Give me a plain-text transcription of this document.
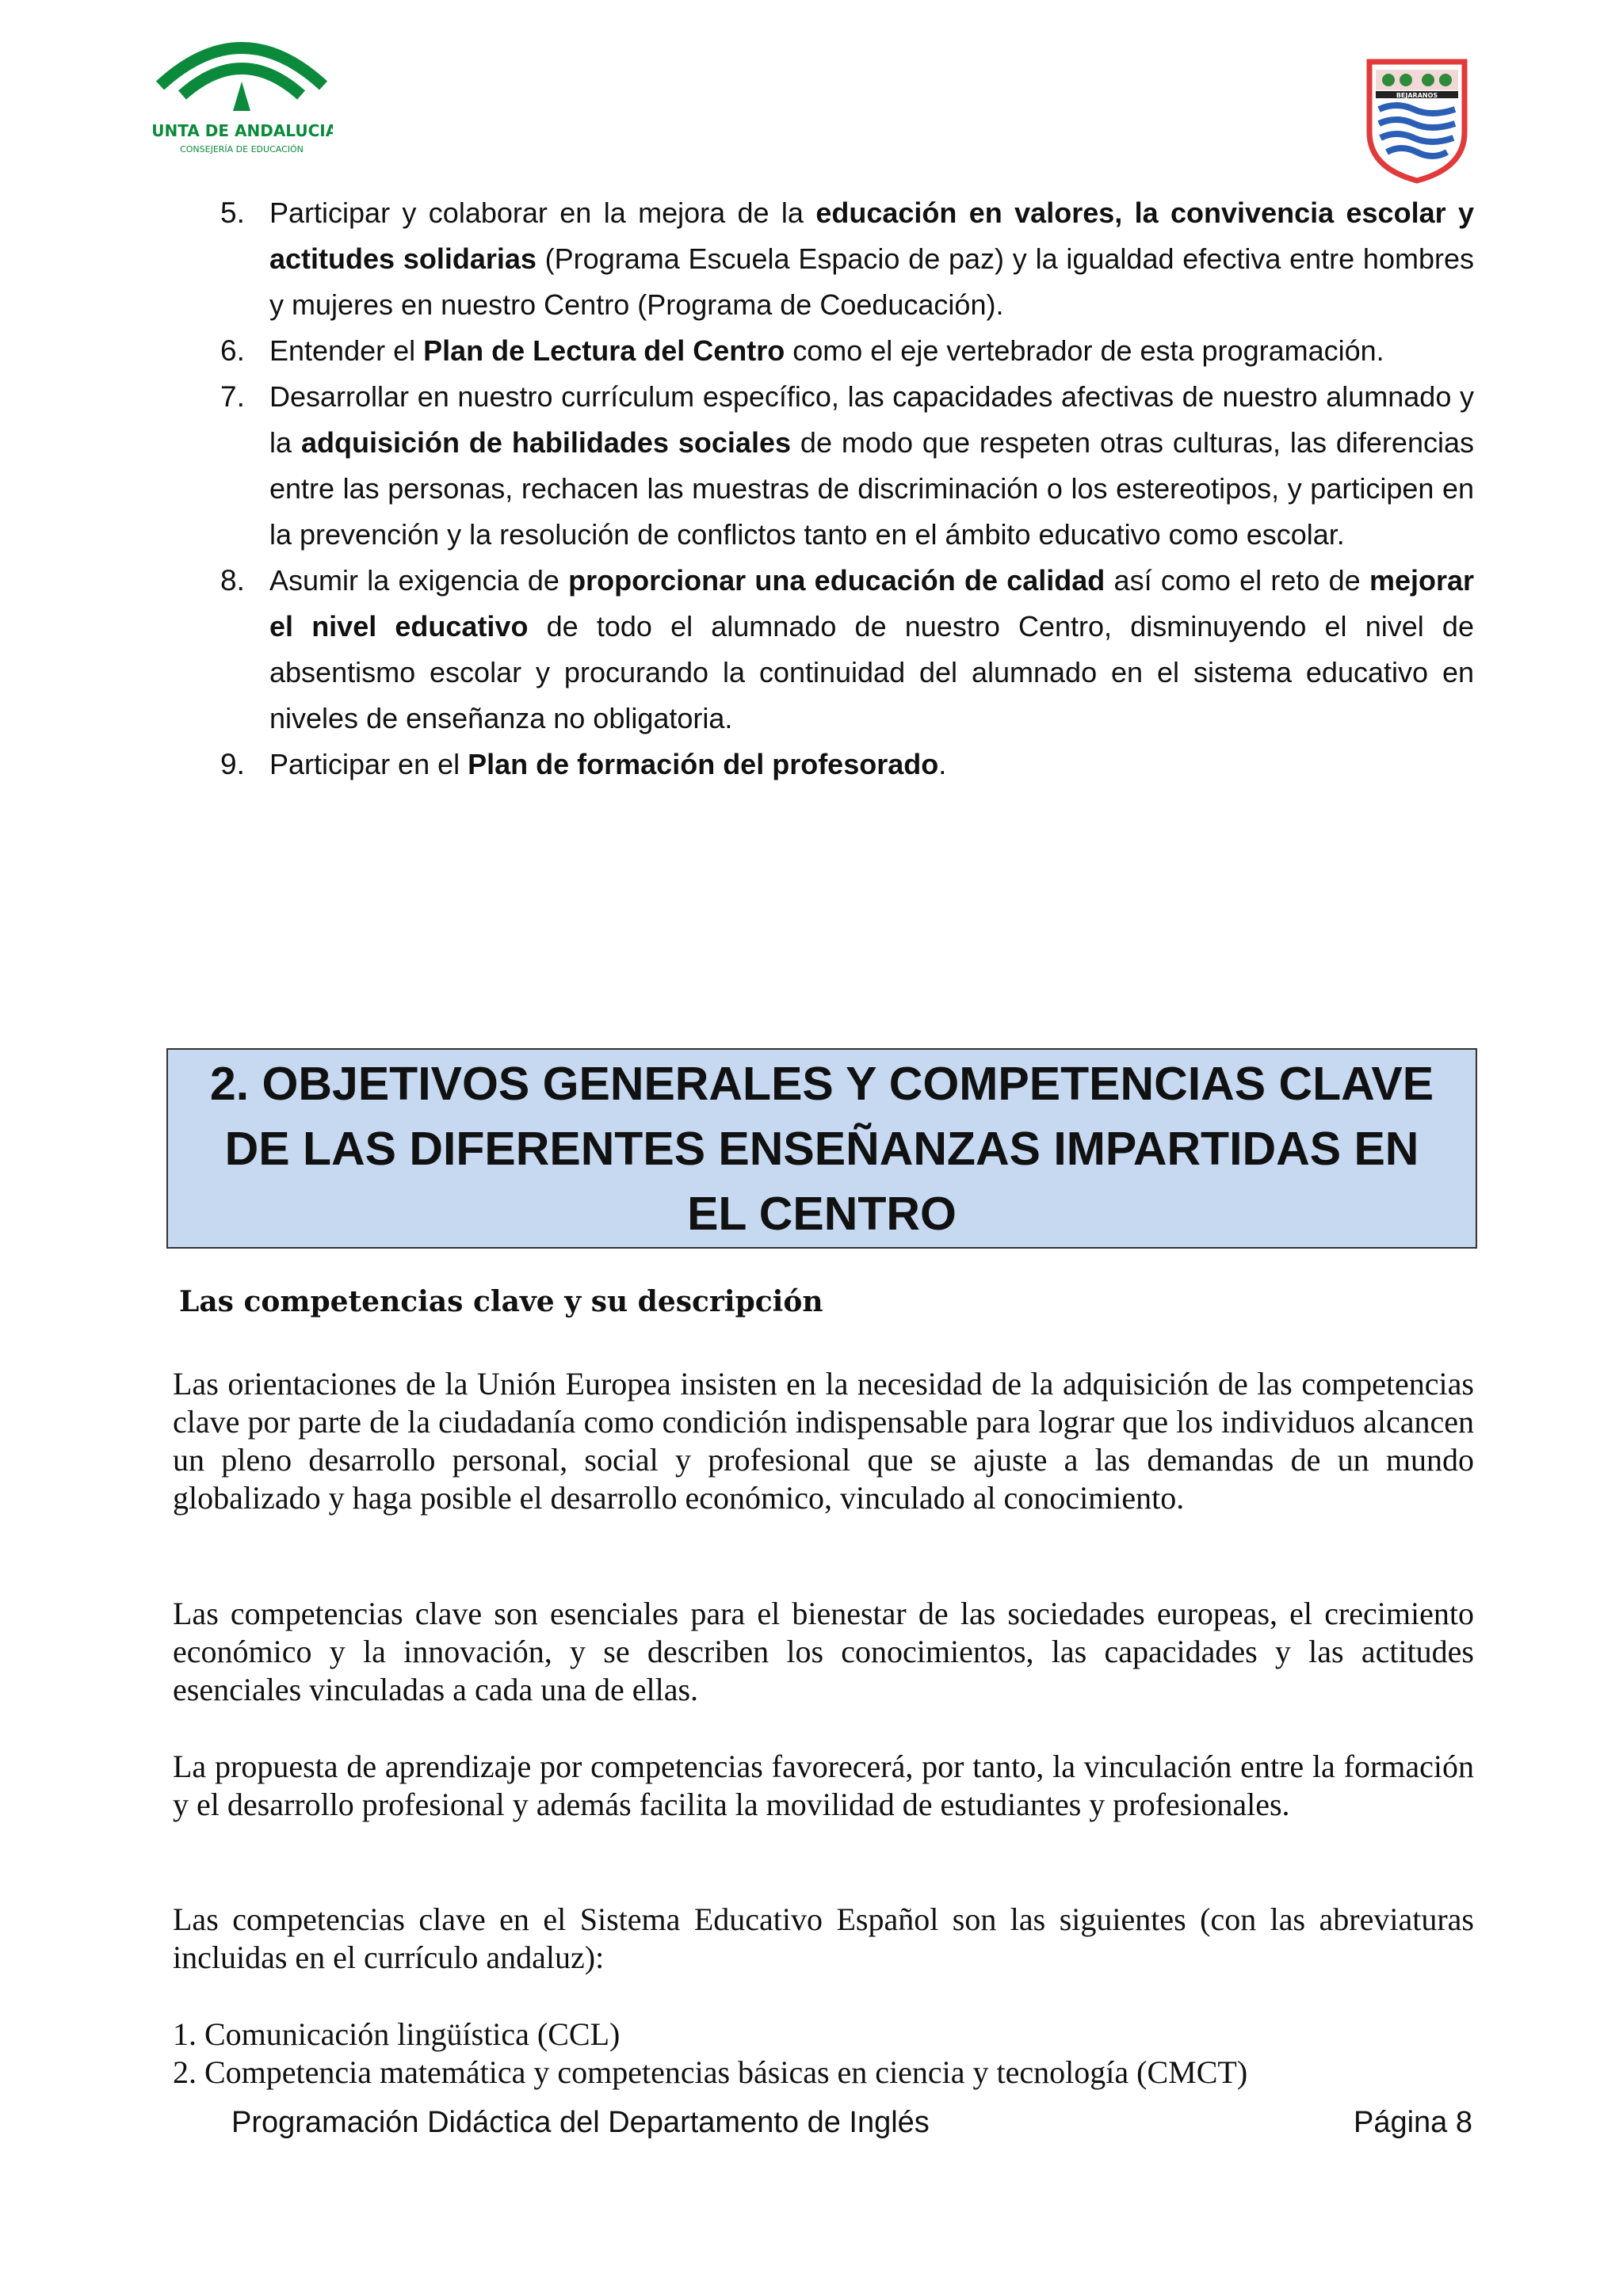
JUNTA DE ANDALUCIA
CONSEJERÍA DE EDUCACIÓN
BEJARANOS
5. Participar y colaborar en la mejora de la educación en valores, la convivencia escolar y actitudes solidarias (Programa Escuela Espacio de paz) y la igualdad efectiva entre hombres y mujeres en nuestro Centro (Programa de Coeducación).
6. Entender el Plan de Lectura del Centro como el eje vertebrador de esta programación.
7. Desarrollar en nuestro currículum específico, las capacidades afectivas de nuestro alumnado y la adquisición de habilidades sociales de modo que respeten otras culturas, las diferencias entre las personas, rechacen las muestras de discriminación o los estereotipos, y participen en la prevención y la resolución de conflictos tanto en el ámbito educativo como escolar.
8. Asumir la exigencia de proporcionar una educación de calidad así como el reto de mejorar el nivel educativo de todo el alumnado de nuestro Centro, disminuyendo el nivel de absentismo escolar y procurando la continuidad del alumnado en el sistema educativo en niveles de enseñanza no obligatoria.
9. Participar en el Plan de formación del profesorado.
2. OBJETIVOS GENERALES Y COMPETENCIAS CLAVE DE LAS DIFERENTES ENSEÑANZAS IMPARTIDAS EN EL CENTRO
Las competencias clave y su descripción
Las orientaciones de la Unión Europea insisten en la necesidad de la adquisición de las competencias clave por parte de la ciudadanía como condición indispensable para lograr que los individuos alcancen un pleno desarrollo personal, social y profesional que se ajuste a las demandas de un mundo globalizado y haga posible el desarrollo económico, vinculado al conocimiento.
Las competencias clave son esenciales para el bienestar de las sociedades europeas, el crecimiento económico y la innovación, y se describen los conocimientos, las capacidades y las actitudes esenciales vinculadas a cada una de ellas.
La propuesta de aprendizaje por competencias favorecerá, por tanto, la vinculación entre la formación y el desarrollo profesional y además facilita la movilidad de estudiantes y profesionales.
Las competencias clave en el Sistema Educativo Español son las siguientes (con las abreviaturas incluidas en el currículo andaluz):
1. Comunicación lingüística (CCL)
2. Competencia matemática y competencias básicas en ciencia y tecnología (CMCT)
Programación Didáctica del Departamento de Inglés	Página 8
